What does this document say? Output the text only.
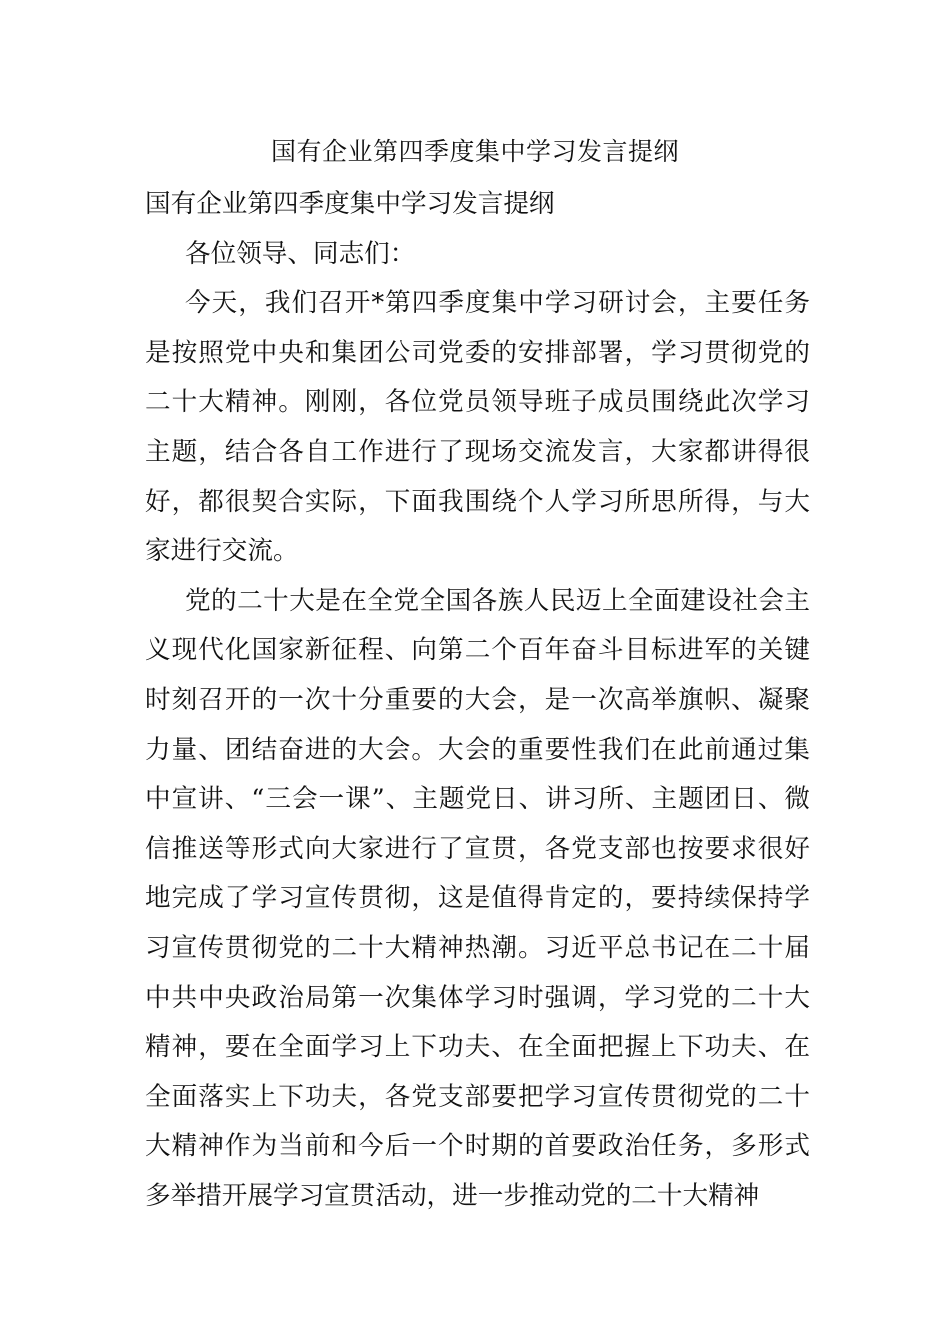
国有企业第四季度集中学习发言提纲

国有企业第四季度集中学习发言提纲

各位领导、同志们：

今天，我们召开*第四季度集中学习研讨会，主要任务是按照党中央和集团公司党委的安排部署，学习贯彻党的二十大精神。刚刚，各位党员领导班子成员围绕此次学习主题，结合各自工作进行了现场交流发言，大家都讲得很好，都很契合实际，下面我围绕个人学习所思所得，与大家进行交流。

党的二十大是在全党全国各族人民迈上全面建设社会主义现代化国家新征程、向第二个百年奋斗目标进军的关键时刻召开的一次十分重要的大会，是一次高举旗帜、凝聚力量、团结奋进的大会。大会的重要性我们在此前通过集中宣讲、“三会一课”、主题党日、讲习所、主题团日、微信推送等形式向大家进行了宣贯，各党支部也按要求很好地完成了学习宣传贯彻，这是值得肯定的，要持续保持学习宣传贯彻党的二十大精神热潮。习近平总书记在二十届中共中央政治局第一次集体学习时强调，学习党的二十大精神，要在全面学习上下功夫、在全面把握上下功夫、在全面落实上下功夫，各党支部要把学习宣传贯彻党的二十大精神作为当前和今后一个时期的首要政治任务，多形式多举措开展学习宣贯活动，进一步推动党的二十大精神
